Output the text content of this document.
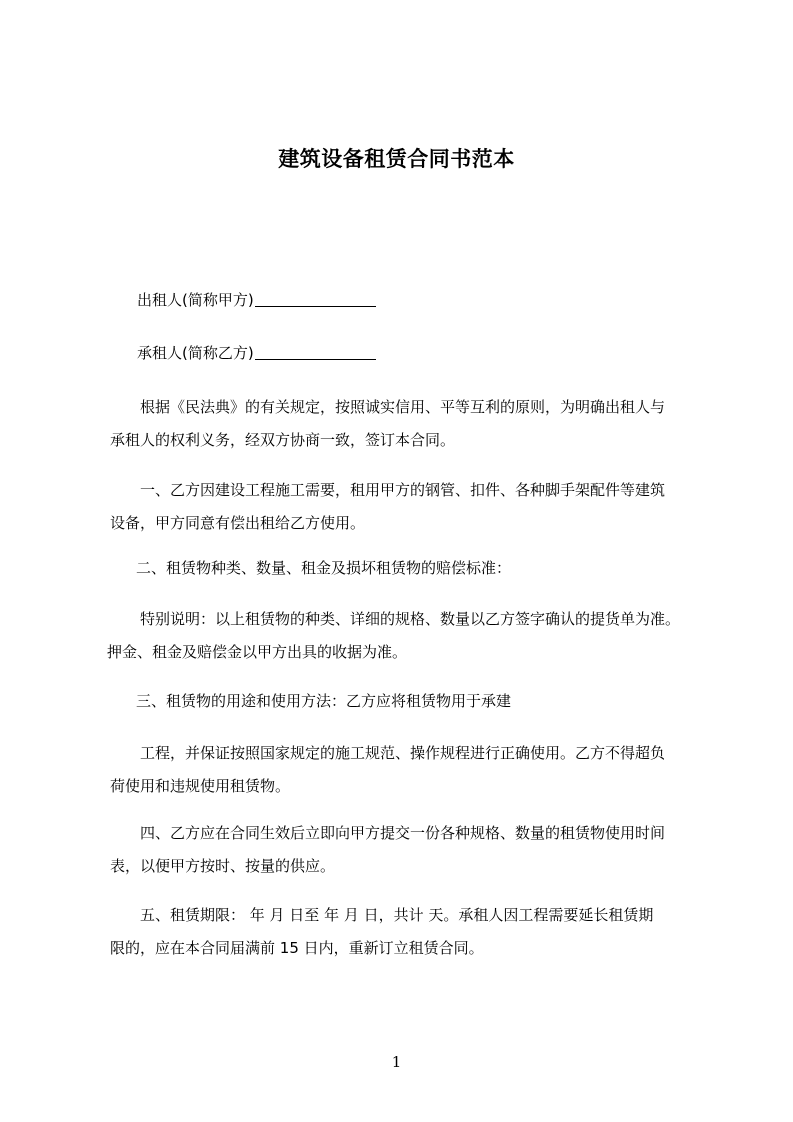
建筑设备租赁合同书范本
出租人(简称甲方)
承租人(简称乙方)
根据《民法典》的有关规定，按照诚实信用、平等互利的原则，为明确出租人与
承租人的权利义务，经双方协商一致，签订本合同。
一、乙方因建设工程施工需要，租用甲方的钢管、扣件、各种脚手架配件等建筑
设备，甲方同意有偿出租给乙方使用。
二、租赁物种类、数量、租金及损坏租赁物的赔偿标准：
特别说明：以上租赁物的种类、详细的规格、数量以乙方签字确认的提货单为准。
押金、租金及赔偿金以甲方出具的收据为准。
三、租赁物的用途和使用方法：乙方应将租赁物用于承建
工程，并保证按照国家规定的施工规范、操作规程进行正确使用。乙方不得超负
荷使用和违规使用租赁物。
四、乙方应在合同生效后立即向甲方提交一份各种规格、数量的租赁物使用时间
表，以便甲方按时、按量的供应。
五、租赁期限： 年 月 日至 年 月 日，共计 天。承租人因工程需要延长租赁期
限的，应在本合同届满前 15 日内，重新订立租赁合同。
1
